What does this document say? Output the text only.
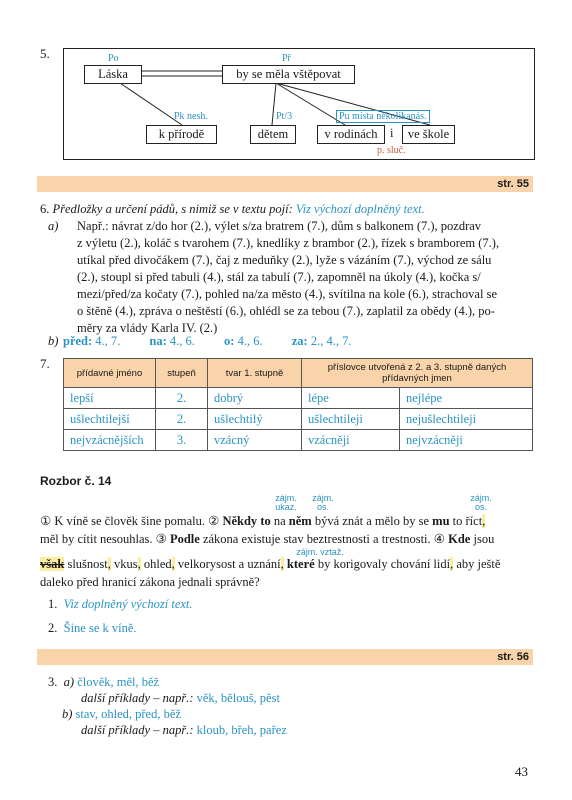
5.	Po	Př
Láska	by se měla vštěpovat
Pk nesh.	Pt/3	Pu místa několikanás.
k přírodě	dětem	v rodinách i	ve škole
p. sluč.
str. 55
6. Předložky a určení pádů, s nimiž se v textu pojí: Viz výchozí doplněný text.
a) Např.: návrat z/do hor (2.), výlet s/za bratrem (7.), dům s balkonem (7.), pozdrav
z výletu (2.), koláč s tvarohem (7.), knedlíky z brambor (2.), řízek s bramborem (7.),
utíkal před divočákem (7.), čaj z meduňky (2.), lyže s vázáním (7.), východ ze sálu
(2.), stoupl si před tabuli (4.), stál za tabulí (7.), zapomněl na úkoly (4.), kočka s/
mezi/před/za kočaty (7.), pohled na/za město (4.), svítilna na kole (6.), strachoval se
o štěně (4.), zpráva o neštěstí (6.), ohlédl se za tebou (7.), zaplatil za obědy (4.), po-
měry za vlády Karla IV. (2.)
b) před: 4., 7. na: 4., 6. o: 4., 6. za: 2., 4., 7.
7.
přídavné jméno	stupeň	tvar 1. stupně	příslovce utvořená z 2. a 3. stupně daných přídavných jmen	
lepší	2.	dobrý	lépe	nejlépe
ušlechtilejší	2.	ušlechtilý	ušlechtileji	nejušlechtileji
nejvzácnějších	3.	vzácný	vzácněji	nejvzácněji
Rozbor č. 14
zájm.
ukaz.
zájm.
os.
zájm.
os.
① K víně se člověk šine pomalu. ② Někdy to na něm bývá znát a mělo by se mu to říct,
měl by cítit nesouhlas. ③ Podle zákona existuje stav beztrestnosti a trestnosti. ④ Kde jsou
zájm. vztaž.
však slušnost, vkus, ohled, velkorysost a uznání, které by korigovaly chování lidí, aby ještě
daleko před hranicí zákona jednali správně?
1. Viz doplněný výchozí text.
2. Šine se k víně.
str. 56
3. a) člověk, měl, běž
další příklady – např.: věk, bělouš, pěst
b) stav, ohled, před, běž
další příklady – např.: kloub, břeh, pařez
43
